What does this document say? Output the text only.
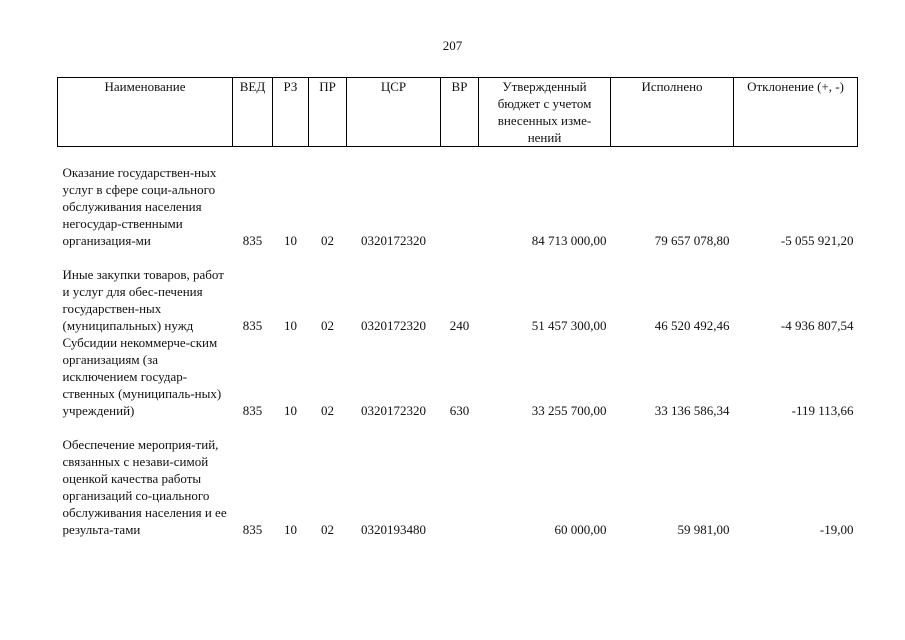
207
Наименование	ВЕД	РЗ	ПР	ЦСР	ВР	Утвержденный бюджет с учетом внесенных изме-нений	Исполнено	Отклонение (+, -)
Оказание государствен-ных услуг в сфере соци-ального обслуживания населения негосудар-ственными организация-ми	835	10	02	0320172320		84 713 000,00	79 657 078,80	-5 055 921,20
Иные закупки товаров, работ и услуг для обес-печения государствен-ных (муниципальных) нужд	835	10	02	0320172320	240	51 457 300,00	46 520 492,46	-4 936 807,54
Субсидии некоммерче-ским организациям (за исключением государ-ственных (муниципаль-ных) учреждений)	835	10	02	0320172320	630	33 255 700,00	33 136 586,34	-119 113,66
Обеспечение мероприя-тий, связанных с незави-симой оценкой качества работы организаций со-циального обслуживания населения и ее результа-тами	835	10	02	0320193480		60 000,00	59 981,00	-19,00
